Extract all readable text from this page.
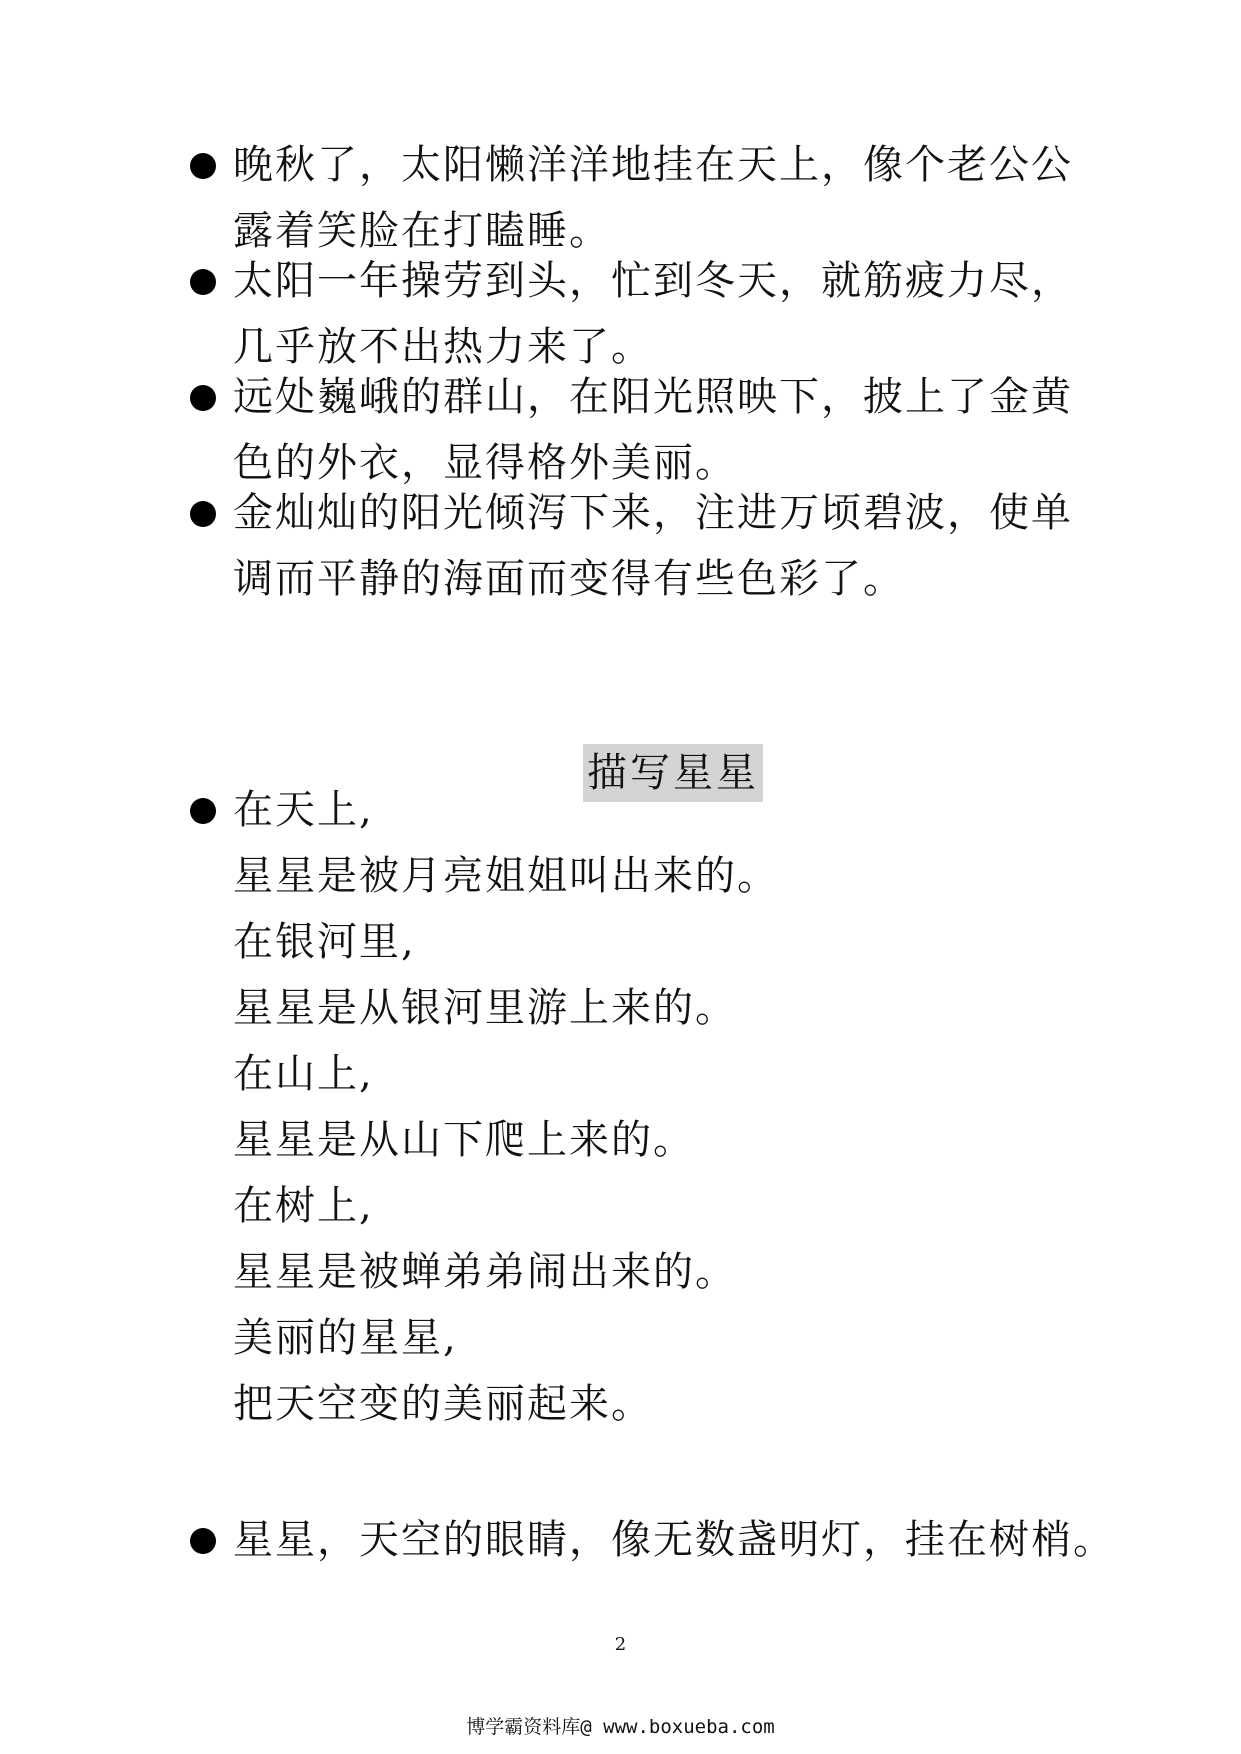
晚秋了，太阳懒洋洋地挂在天上，像个老公公
露着笑脸在打瞌睡。
太阳一年操劳到头，忙到冬天，就筋疲力尽，
几乎放不出热力来了。
远处巍峨的群山，在阳光照映下，披上了金黄
色的外衣，显得格外美丽。
金灿灿的阳光倾泻下来，注进万顷碧波，使单
调而平静的海面而变得有些色彩了。
描写星星
在天上,
星星是被月亮姐姐叫出来的。
在银河里,
星星是从银河里游上来的。
在山上,
星星是从山下爬上来的。
在树上,
星星是被蝉弟弟闹出来的。
美丽的星星,
把天空变的美丽起来。
星星，天空的眼睛，像无数盏明灯，挂在树梢。
2
博学霸资料库@ www.boxueba.com
